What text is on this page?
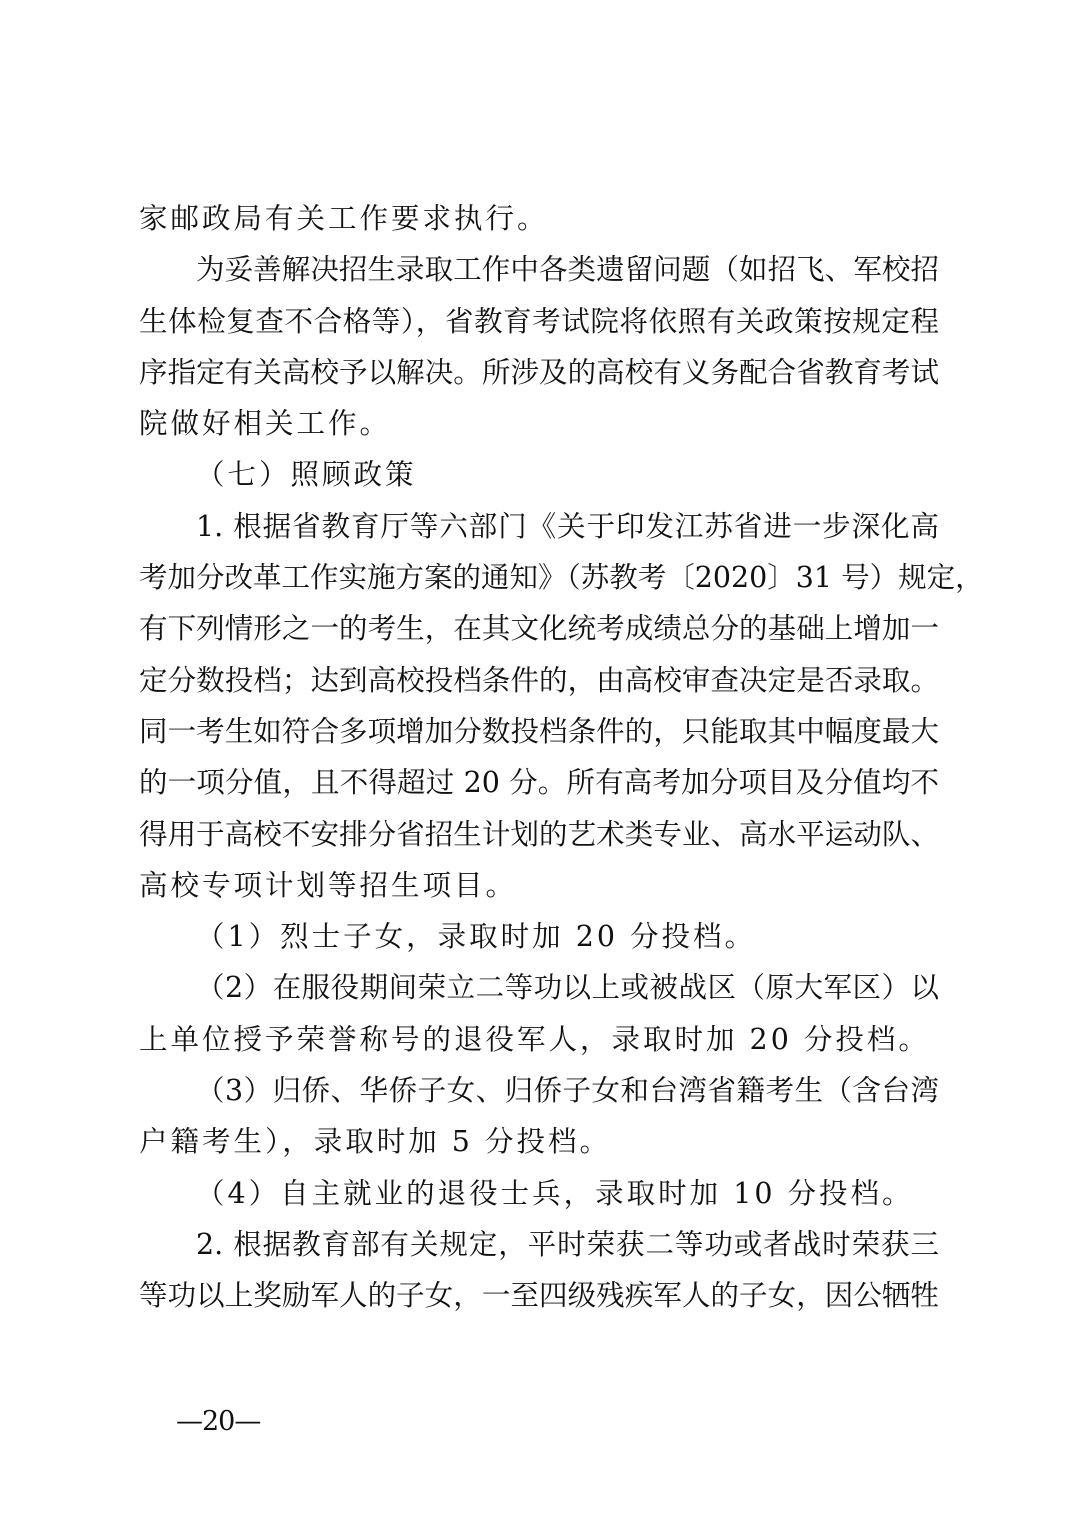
家邮政局有关工作要求执行。
为妥善解决招生录取工作中各类遗留问题（如招飞、军校招
生体检复查不合格等），省教育考试院将依照有关政策按规定程
序指定有关高校予以解决。所涉及的高校有义务配合省教育考试
院做好相关工作。
（七）照顾政策
1. 根据省教育厅等六部门《关于印发江苏省进一步深化高
考加分改革工作实施方案的通知》（苏教考〔2020〕31 号）规定，
有下列情形之一的考生，在其文化统考成绩总分的基础上增加一
定分数投档；达到高校投档条件的，由高校审查决定是否录取。
同一考生如符合多项增加分数投档条件的，只能取其中幅度最大
的一项分值，且不得超过 20 分。所有高考加分项目及分值均不
得用于高校不安排分省招生计划的艺术类专业、高水平运动队、
高校专项计划等招生项目。
（1）烈士子女，录取时加 20 分投档。
（2）在服役期间荣立二等功以上或被战区（原大军区）以
上单位授予荣誉称号的退役军人，录取时加 20 分投档。
（3）归侨、华侨子女、归侨子女和台湾省籍考生（含台湾
户籍考生），录取时加 5 分投档。
（4）自主就业的退役士兵，录取时加 10 分投档。
2. 根据教育部有关规定，平时荣获二等功或者战时荣获三
等功以上奖励军人的子女，一至四级残疾军人的子女，因公牺牲
—20—
